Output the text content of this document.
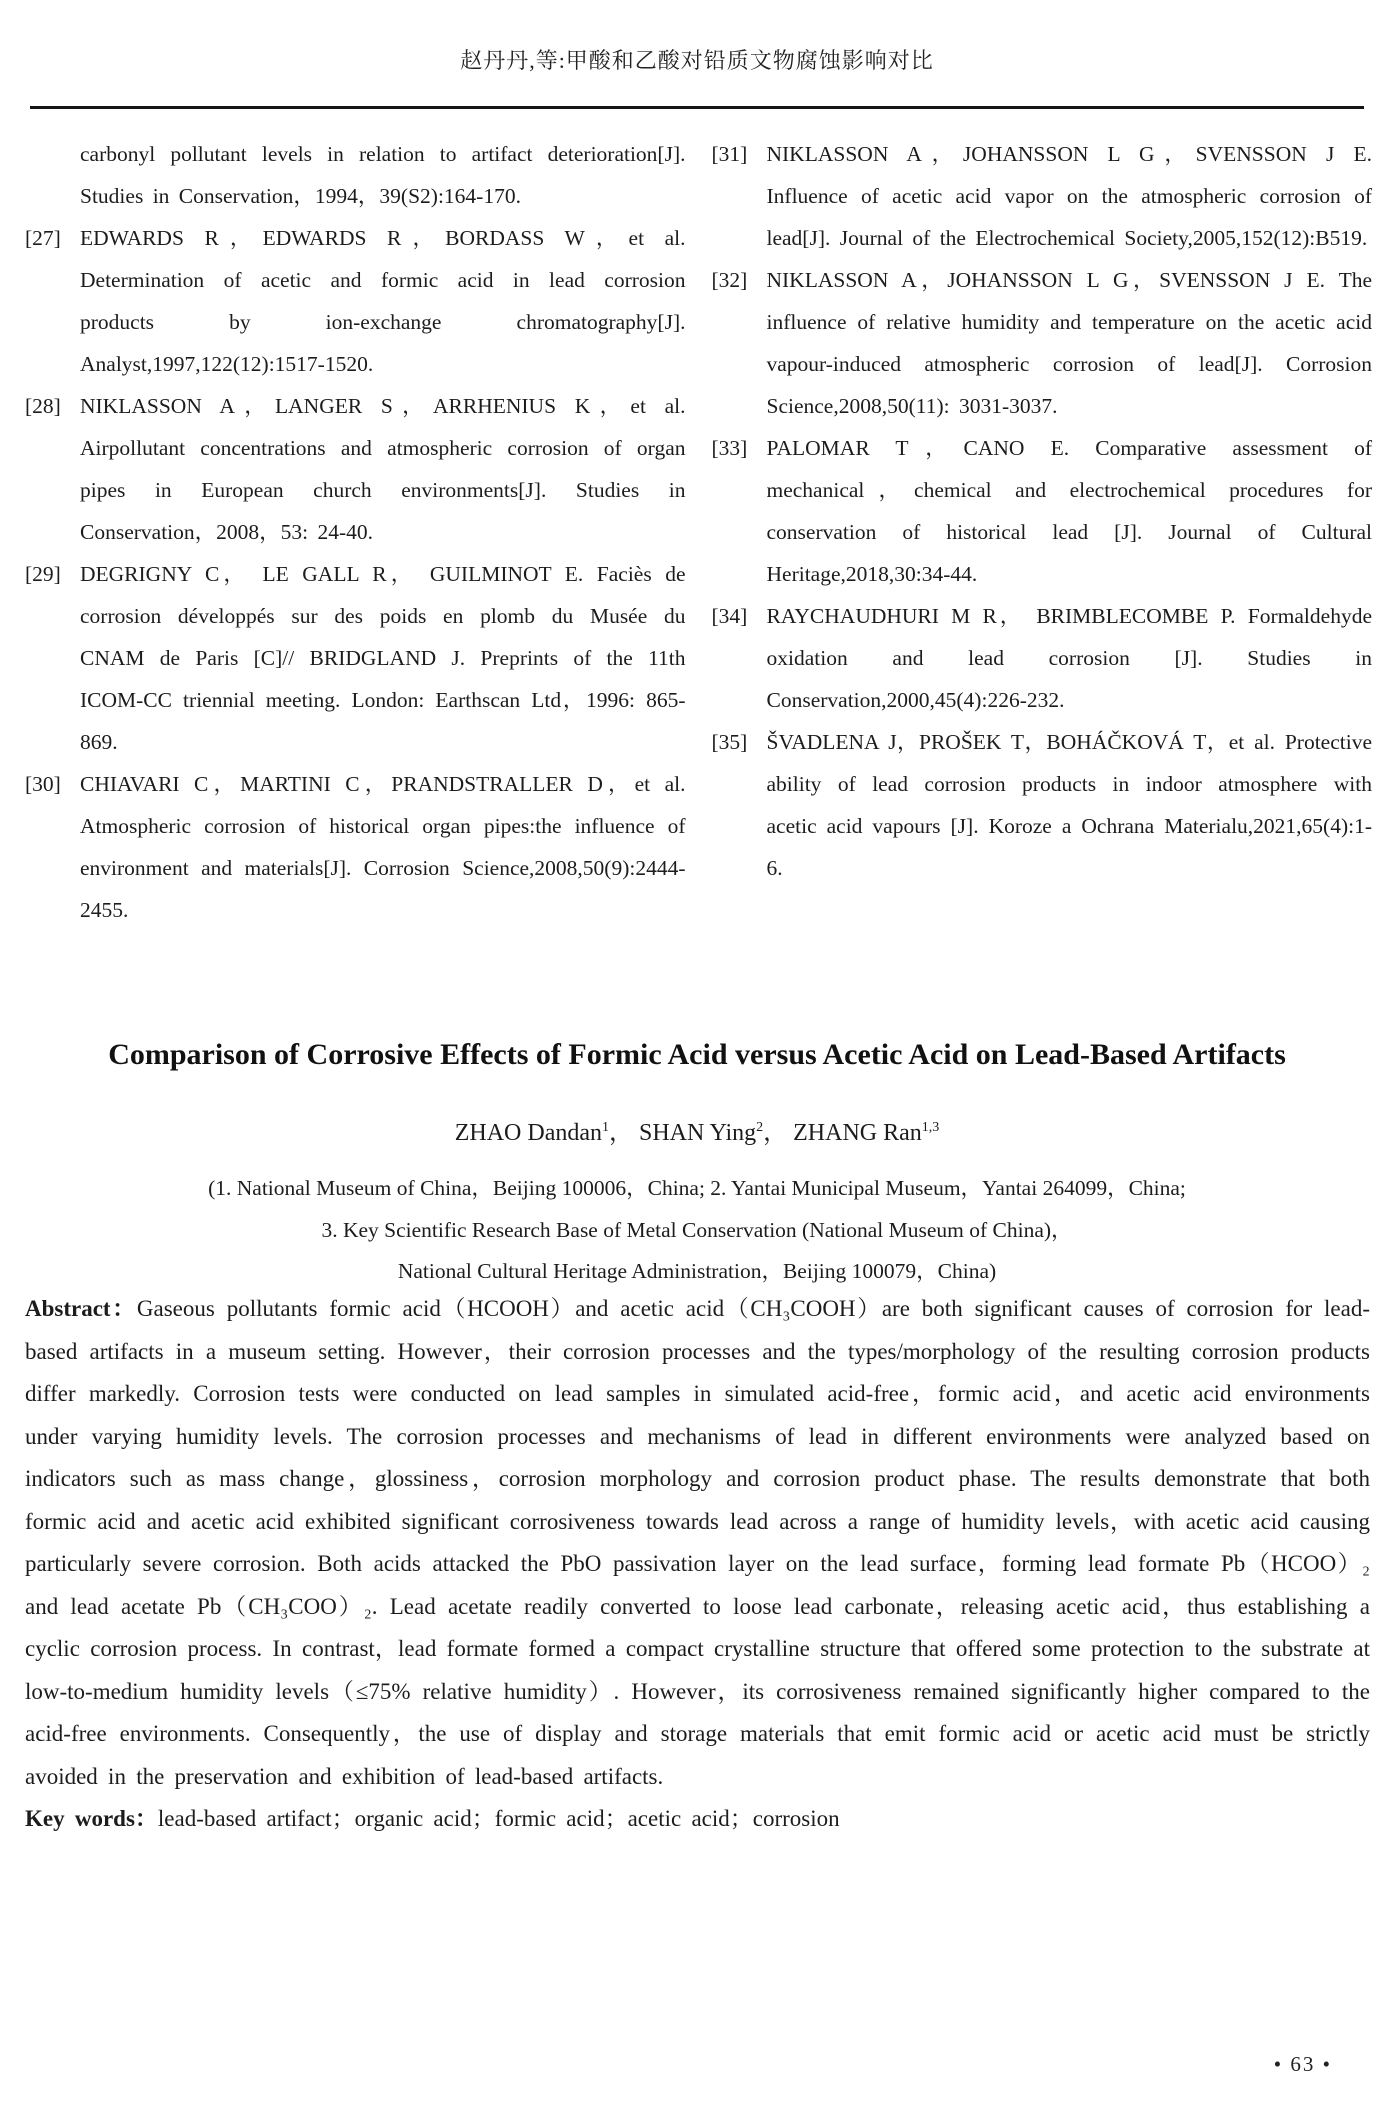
赵丹丹,等:甲酸和乙酸对铅质文物腐蚀影响对比
carbonyl pollutant levels in relation to artifact deterioration[J]. Studies in Conservation，1994，39(S2):164-170.
[27] EDWARDS R，EDWARDS R，BORDASS W，et al. Determination of acetic and formic acid in lead corrosion products by ion-exchange chromatography[J]. Analyst,1997,122(12):1517-1520.
[28] NIKLASSON A，LANGER S，ARRHENIUS K，et al. Airpollutant concentrations and atmospheric corrosion of organ pipes in European church environments[J]. Studies in Conservation，2008，53: 24-40.
[29] DEGRIGNY C， LE GALL R， GUILMINOT E. Faciès de corrosion développés sur des poids en plomb du Musée du CNAM de Paris [C]// BRIDGLAND J. Preprints of the 11th ICOM-CC triennial meeting. London: Earthscan Ltd，1996: 865-869.
[30] CHIAVARI C，MARTINI C，PRANDSTRALLER D，et al. Atmospheric corrosion of historical organ pipes:the influence of environment and materials[J]. Corrosion Science,2008,50(9):2444-2455.
[31] NIKLASSON A，JOHANSSON L G，SVENSSON J E. Influence of acetic acid vapor on the atmospheric corrosion of lead[J]. Journal of the Electrochemical Society,2005,152(12):B519.
[32] NIKLASSON A，JOHANSSON L G，SVENSSON J E. The influence of relative humidity and temperature on the acetic acid vapour-induced atmospheric corrosion of lead[J]. Corrosion Science,2008,50(11): 3031-3037.
[33] PALOMAR T，CANO E. Comparative assessment of mechanical，chemical and electrochemical procedures for conservation of historical lead [J]. Journal of Cultural Heritage,2018,30:34-44.
[34] RAYCHAUDHURI M R， BRIMBLECOMBE P. Formaldehyde oxidation and lead corrosion [J]. Studies in Conservation,2000,45(4):226-232.
[35] ŠVADLENA J，PROŠEK T，BOHÁČKOVÁ T，et al. Protective ability of lead corrosion products in indoor atmosphere with acetic acid vapours [J]. Koroze a Ochrana Materialu,2021,65(4):1-6.
Comparison of Corrosive Effects of Formic Acid versus Acetic Acid on Lead-Based Artifacts
ZHAO Dandan$^1$， SHAN Ying$^2$， ZHANG Ran$^{1,3}$
(1. National Museum of China，Beijing 100006，China; 2. Yantai Municipal Museum，Yantai 264099，China;
3. Key Scientific Research Base of Metal Conservation (National Museum of China)，
National Cultural Heritage Administration，Beijing 100079，China)

Abstract：Gaseous pollutants formic acid（HCOOH）and acetic acid（CH₃COOH）are both significant causes of corrosion for lead-based artifacts in a museum setting. However，their corrosion processes and the types/morphology of the resulting corrosion products differ markedly. Corrosion tests were conducted on lead samples in simulated acid-free，formic acid，and acetic acid environments under varying humidity levels. The corrosion processes and mechanisms of lead in different environments were analyzed based on indicators such as mass change，glossiness，corrosion morphology and corrosion product phase. The results demonstrate that both formic acid and acetic acid exhibited significant corrosiveness towards lead across a range of humidity levels，with acetic acid causing particularly severe corrosion. Both acids attacked the PbO passivation layer on the lead surface，forming lead formate Pb（HCOO）₂ and lead acetate Pb（CH₃COO）₂. Lead acetate readily converted to loose lead carbonate，releasing acetic acid，thus establishing a cyclic corrosion process. In contrast，lead formate formed a compact crystalline structure that offered some protection to the substrate at low-to-medium humidity levels（≤75% relative humidity）. However，its corrosiveness remained significantly higher compared to the acid-free environments. Consequently，the use of display and storage materials that emit formic acid or acetic acid must be strictly avoided in the preservation and exhibition of lead-based artifacts.

Key words：lead-based artifact；organic acid；formic acid；acetic acid；corrosion

• 63 •
